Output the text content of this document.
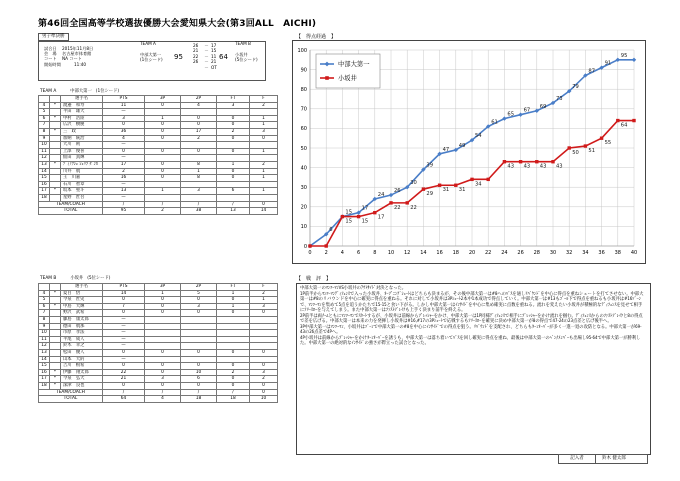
第46回全国高等学校選抜優勝大会愛知県大会(第3回ALL　AICHI)
男子準決勝
試合日 2015年11月8日
会　場 名古屋市体育館
コート NA コート
開始時間	11:40
TEAM A	TEAM B
中部大第一
(1位シード)
小坂井
(5位シード)
95	64
26 － 17
21 － 15
22 － 11
26 － 21
－ OT
【　得点経過　】
0
10
20
30
40
50
60
70
80
90
100
0	2	4	6	8 10 12 14 16 18 20 22 24 26 28 30 32 34 36 38 40
6
15
17
24
26
30
39
47
49
54
61
65
67
69
73
79
87
91
95
15 15
17
22 22
29
31 31
34
43 43 43 43
50 51
55
64
中部大第一
小坂井
TEAM A	中部大第一 (1位シード)
		選手名	PTS	3P	2P	FT	F
4	*	渡邉　和寿	11	0	4	3	2
5		平田　雄大	—				
6	*	中村　浩陸	3	1	0	0	1
7		広沢　樹慶	0	0	0	0	1
8	*	三　政	36	0	17	2	3
9		加納　統治	4	0	2	0	0
10		大川　則	—				
11		上澤　俊喜	0	0	0	0	1
12		仙田　真輝	—				
13	*	ﾃﾞｨｱｸｼｪ ｼｪﾘﾌ ﾀﾞﾝｶ	17	0	8	1	2
14		川井　航	2	0	1	0	1
15		王　川嘉	16	0	8	0	1
16		石川　智章	—				
17	*	坂本　聖斗	13	1	3	6	1
18		星野　匠吾	—				
TEAM/COACH			/	/	/	/	0
TOTAL			95	2	38	13	14
TEAM B	小坂井 (5位シード)
		選手名	PTS	3P	2P	FT	F
4	*	夏目　悟	14	1	5	1	2
5		今泉　匠史	0	0	0	0	1
6	*	中島　大輝	7	0	3	1	3
7		野沢　武希	0	0	0	0	0
8		藤島　康太郎	—				
9		德田　航那	—				
10		市原　孝法	—				
11		平尾　成人	—				
12		鈴木　幸之	—				
13		松田　優人	0	0	0	0	0
14		山本　大的	—				
15		吉川　根希	0	0	0	0	0
16	*	伊藤　翔太郎	22	0	10	2	3
17	*	今泉　弘大	21	3	6	0	2
18	*	深津　良也	0	0	0	0	0
TEAM/COACH			/	/	/	/	0
TOTAL			64	4	18	18	10
【　戦　評　】

中部大第一のﾏﾝﾂｰﾏﾝVS小坂井のｱｳﾄｻｲﾄﾞ対決となった。

1P前半からﾏﾝﾂｰﾏﾝﾃﾞｨﾌｪﾝｽで入った小坂井、ｵｰﾌﾟﾆﾝｸﾞｼｭｰﾄはどちらも決まるが、その後中部大第一は#8へのﾊﾟｽを通しﾘﾊﾞｳﾝﾄﾞを中心に得点を重ねシュートを打てさせない。中部大第一は#8のリバウンドを中心に確実に得点を重ねる。それに対して小坂井は3Pｼｭｰﾄ2本中1本成功で得点していく。中部大第一は#13もｺﾞｰﾙ下で得点を重ねるも小坂井は#16ｿﾞｰﾝで、ﾏﾝﾂｰﾏﾝを集めて5点を追うかたちで15-15と食い下がる。しかし中部大第一はｲﾝｻｲﾄﾞを中心に集め確実に点数を重ねる。流れを変えたい小坂井が積極的なﾃﾞｨﾌｪﾝｽを見せて相手にﾌﾘｰｽﾛｰを与えてしまう。また中部大第一はﾌｧｽﾄﾌﾞﾚｲｸも上手く決まり前半を終える。

2P前半は両ﾁｰﾑともにﾏﾝﾂｰﾏﾝでｽﾀｰﾄするが、小坂井は前線からﾌﾟﾚｯｼｬｰをかけ、中部大第一は1P同様ﾃﾞｨﾌｪﾝｽで相手にﾌﾟﾚｯｼｬｰをかけ流れを掴む。ﾃﾞｨﾌｪﾝｽからのﾌｧｽﾄﾌﾞﾚｲｸと8の得点で差を広げる。中部大第一は本来の力を発揮し小坂井は#16,#17の3Pｼｭｰﾄで応戦するもﾌﾘｰｽﾛｰを確実に決め中部大第一が8の得点で47-24の23点差と広げ後半へ。

3P中部大第一はﾏﾝﾂｰﾏﾝ、小坂井はｿﾞｰﾝで中部大第一の#8を中心にｲﾝｻｲﾄﾞでの得点を狙う。ﾘﾊﾞｳﾝﾄﾞを支配され、どちらもﾀｰﾝｵｰﾊﾞｰが多く一進一退の攻防となる。中部大第一が69-43の26点差で4Pへ。

4P小坂井は前線からﾌﾟﾚｯｼｬｰをかけﾀｰﾝｵｰﾊﾞｰを誘うも、中部大第一は落ち着いてﾊﾟｽを回し確実に得点を重ね、最後は中部大第一のﾍﾞﾝﾁﾒﾝﾊﾞｰも出場し95-64で中部大第一が勝利した。中部大第一の絶対的なｲﾝｻｲﾄﾞの強さが際立った試合となった。

記入者	鈴木 健太郎
